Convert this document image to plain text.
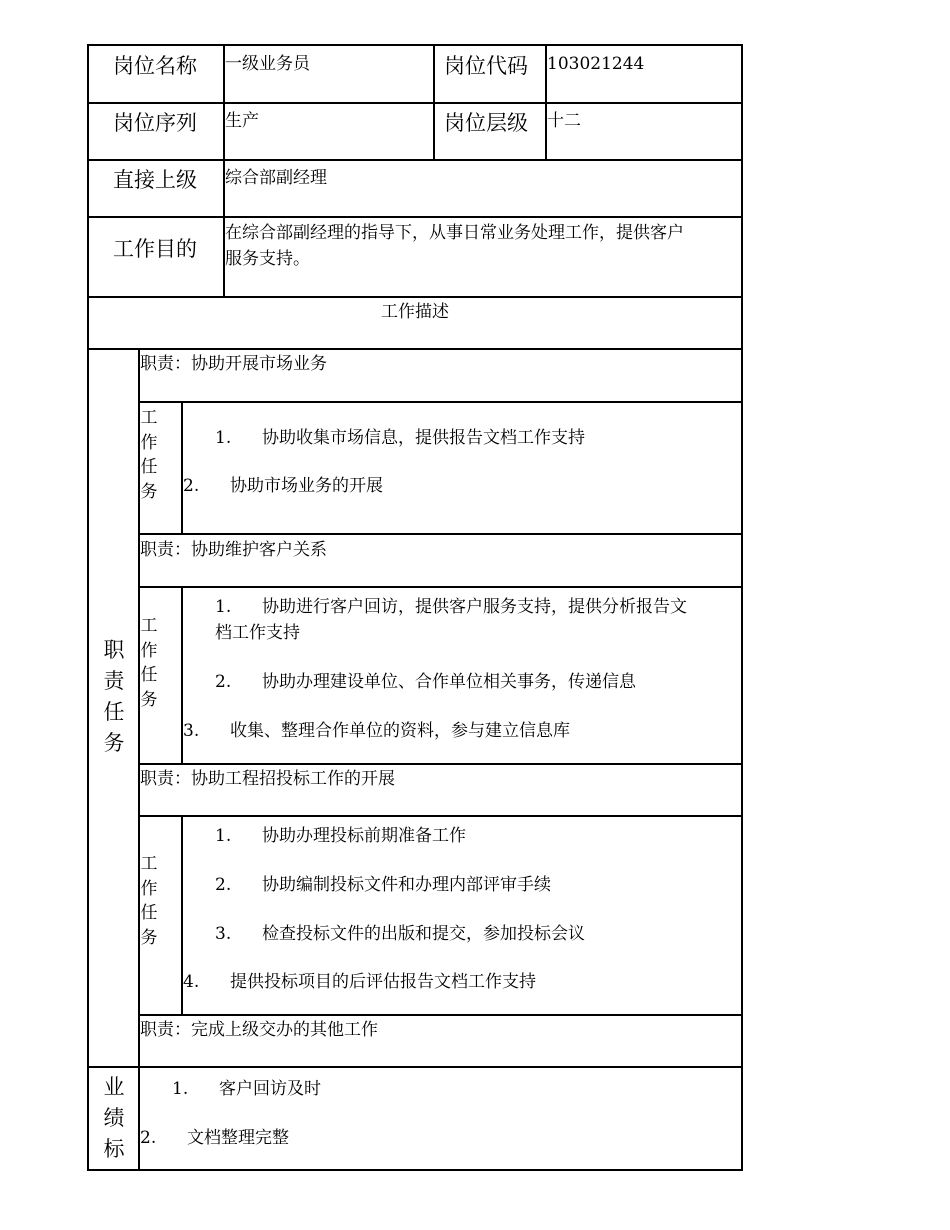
岗位名称 一级业务员	岗位代码 103021244
岗位序列 生产	岗位层级 十二
直接上级 综合部副经理
工作目的
在综合部副经理的指导下，从事日常业务处理工作，提供客户
服务支持。
工作描述
职
责
任
务
职责：协助开展市场业务
工
作
任
务
1. 协助收集市场信息，提供报告文档工作支持
2. 协助市场业务的开展
职责：协助维护客户关系
工
作
任
务
1. 协助进行客户回访，提供客户服务支持，提供分析报告文
档工作支持
2. 协助办理建设单位、合作单位相关事务，传递信息
3. 收集、整理合作单位的资料，参与建立信息库
职责：协助工程招投标工作的开展
工
作
任
务
1. 协助办理投标前期准备工作
2. 协助编制投标文件和办理内部评审手续
3. 检查投标文件的出版和提交，参加投标会议
4. 提供投标项目的后评估报告文档工作支持
职责：完成上级交办的其他工作
业
绩
标
1. 客户回访及时
2. 文档整理完整
